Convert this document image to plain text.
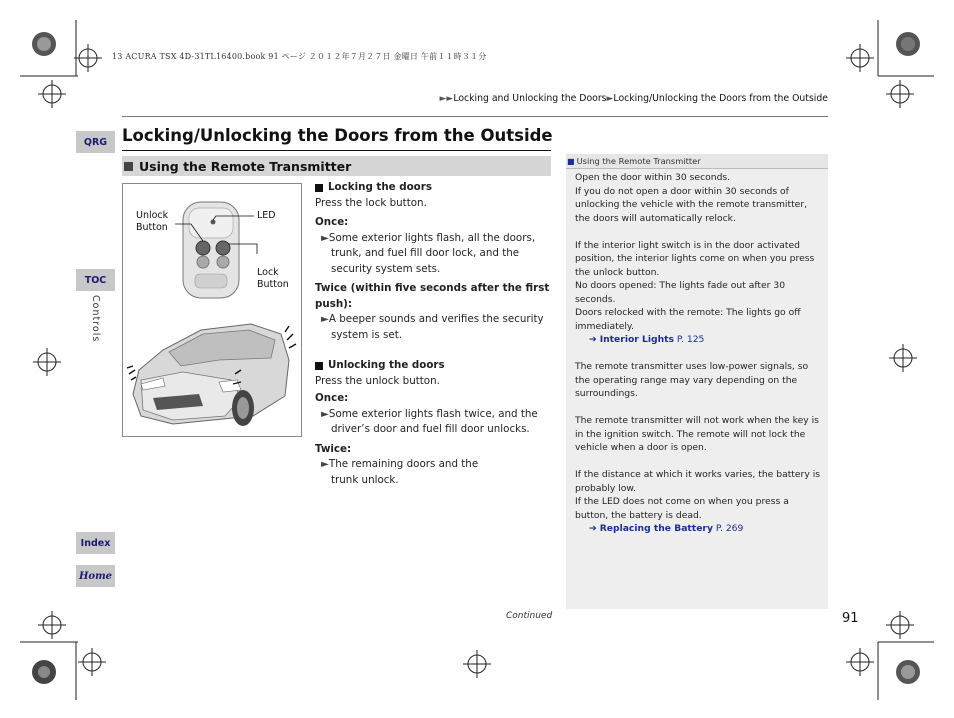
13 ACURA TSX 4D-31TL16400.book 91 ページ ２０１２年７月２７日 金曜日 午前１１時３１分
►►Locking and Unlocking the Doors►Locking/Unlocking the Doors from the Outside
Locking/Unlocking the Doors from the Outside
QRG
TOC
Controls
Index
Home
Using the Remote Transmitter
Unlock
Button
LED
Lock
Button
Locking the doors
Press the lock button.
Once:
►Some exterior lights flash, all the doors, trunk, and fuel fill door lock, and the security system sets.
Twice (within five seconds after the first push):
►A beeper sounds and verifies the security system is set.
Unlocking the doors
Press the unlock button.
Once:
►Some exterior lights flash twice, and the driver’s door and fuel fill door unlocks.
Twice:
►The remaining doors and the trunk unlock.
■ Using the Remote Transmitter

Open the door within 30 seconds.

If you do not open a door within 30 seconds of unlocking the vehicle with the remote transmitter, the doors will automatically relock.

If the interior light switch is in the door activated position, the interior lights come on when you press the unlock button.

No doors opened: The lights fade out after 30 seconds.

Doors relocked with the remote: The lights go off immediately.

➔ Interior Lights P. 125

The remote transmitter uses low-power signals, so the operating range may vary depending on the surroundings.

The remote transmitter will not work when the key is in the ignition switch. The remote will not lock the vehicle when a door is open.

If the distance at which it works varies, the battery is probably low.

If the LED does not come on when you press a button, the battery is dead.

➔ Replacing the Battery P. 269

Continued	91
